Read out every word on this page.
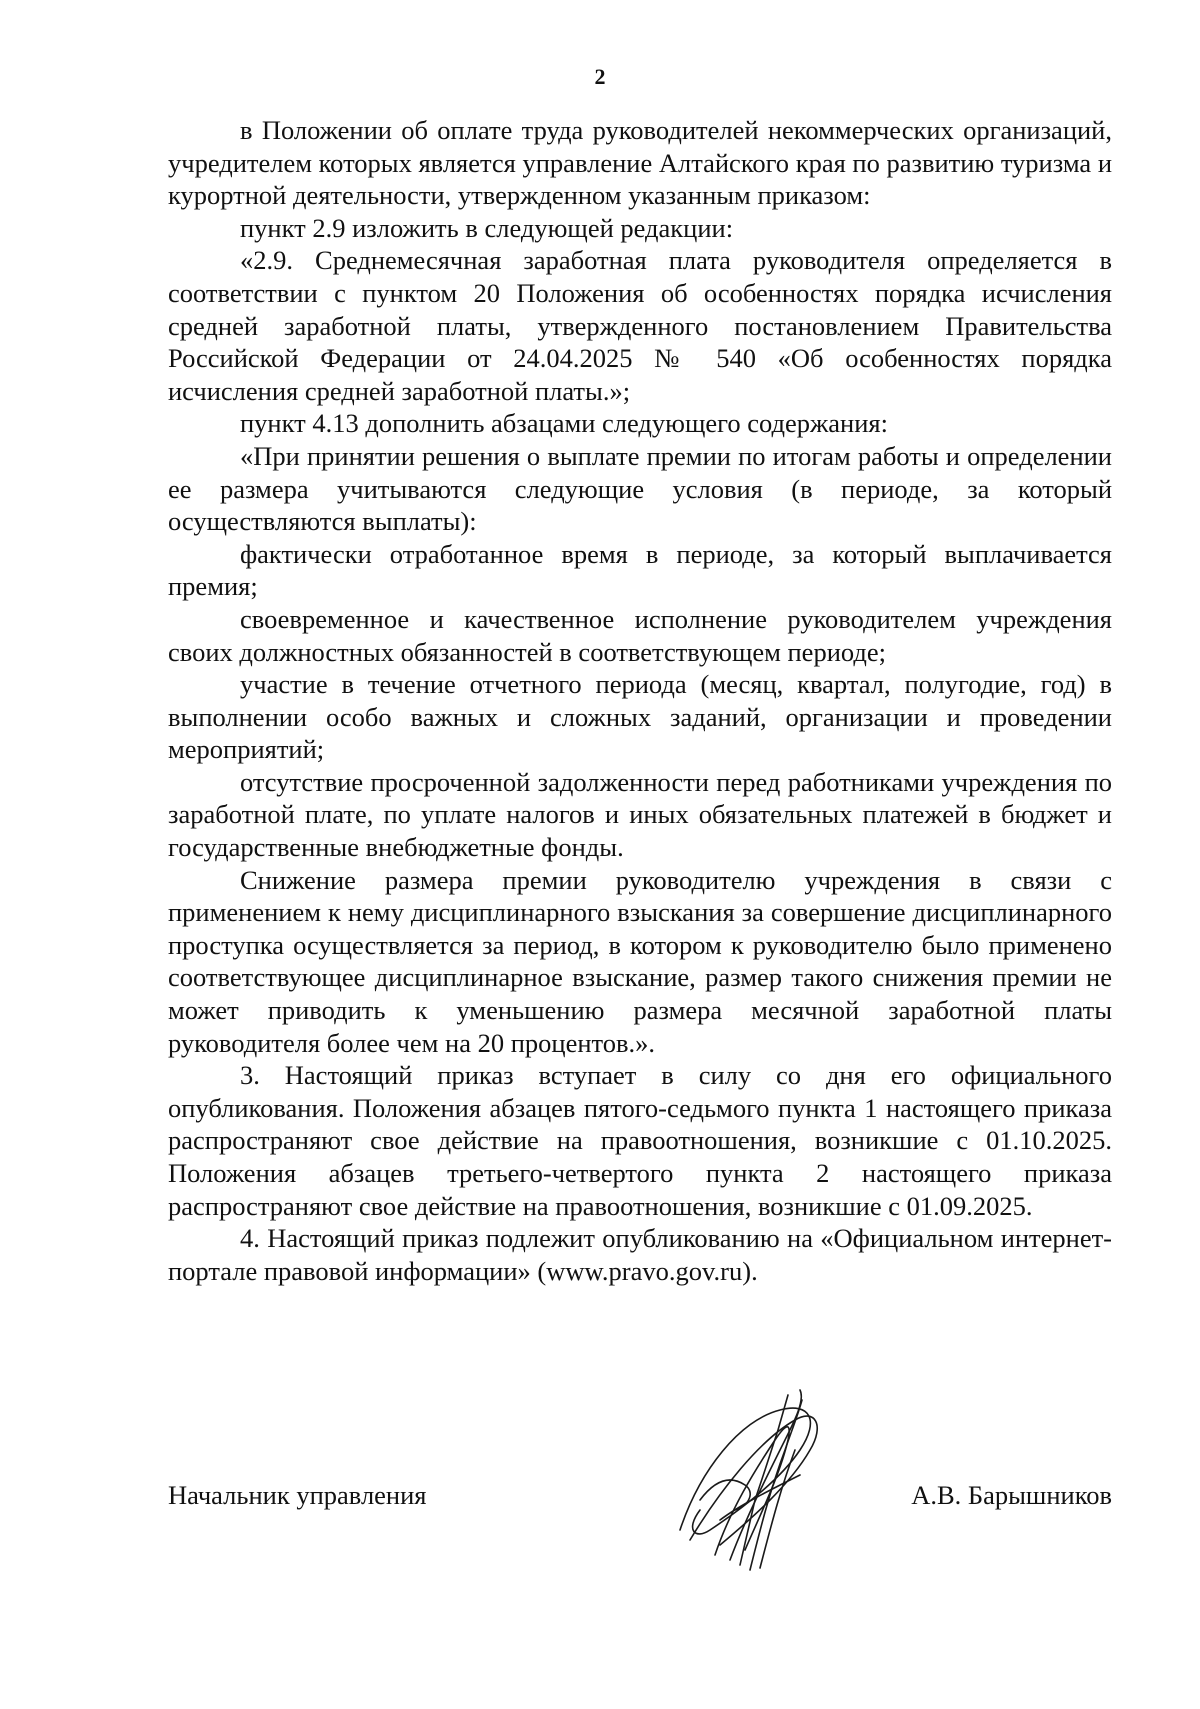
2

в Положении об оплате труда руководителей некоммерческих организаций, учредителем которых является управление Алтайского края по развитию туризма и курортной деятельности, утвержденном указанным приказом:

пункт 2.9 изложить в следующей редакции:

«2.9. Среднемесячная заработная плата руководителя определяется в соответствии с пунктом 20 Положения об особенностях порядка исчисления средней заработной платы, утвержденного постановлением Правительства Российской Федерации от 24.04.2025 № 540 «Об особенностях порядка исчисления средней заработной платы.»;

пункт 4.13 дополнить абзацами следующего содержания:

«При принятии решения о выплате премии по итогам работы и определении ее размера учитываются следующие условия (в периоде, за который осуществляются выплаты):

фактически отработанное время в периоде, за который выплачивается премия;

своевременное и качественное исполнение руководителем учреждения своих должностных обязанностей в соответствующем периоде;

участие в течение отчетного периода (месяц, квартал, полугодие, год) в выполнении особо важных и сложных заданий, организации и проведении мероприятий;

отсутствие просроченной задолженности перед работниками учреждения по заработной плате, по уплате налогов и иных обязательных платежей в бюджет и государственные внебюджетные фонды.

Снижение размера премии руководителю учреждения в связи с применением к нему дисциплинарного взыскания за совершение дисциплинарного проступка осуществляется за период, в котором к руководителю было применено соответствующее дисциплинарное взыскание, размер такого снижения премии не может приводить к уменьшению размера месячной заработной платы руководителя более чем на 20 процентов.».

3. Настоящий приказ вступает в силу со дня его официального опубликования. Положения абзацев пятого-седьмого пункта 1 настоящего приказа распространяют свое действие на правоотношения, возникшие с 01.10.2025. Положения абзацев третьего-четвертого пункта 2 настоящего приказа распространяют свое действие на правоотношения, возникшие с 01.09.2025.

4. Настоящий приказ подлежит опубликованию на «Официальном интернет-портале правовой информации» (www.pravo.gov.ru).

Начальник управления	А.В. Барышников
